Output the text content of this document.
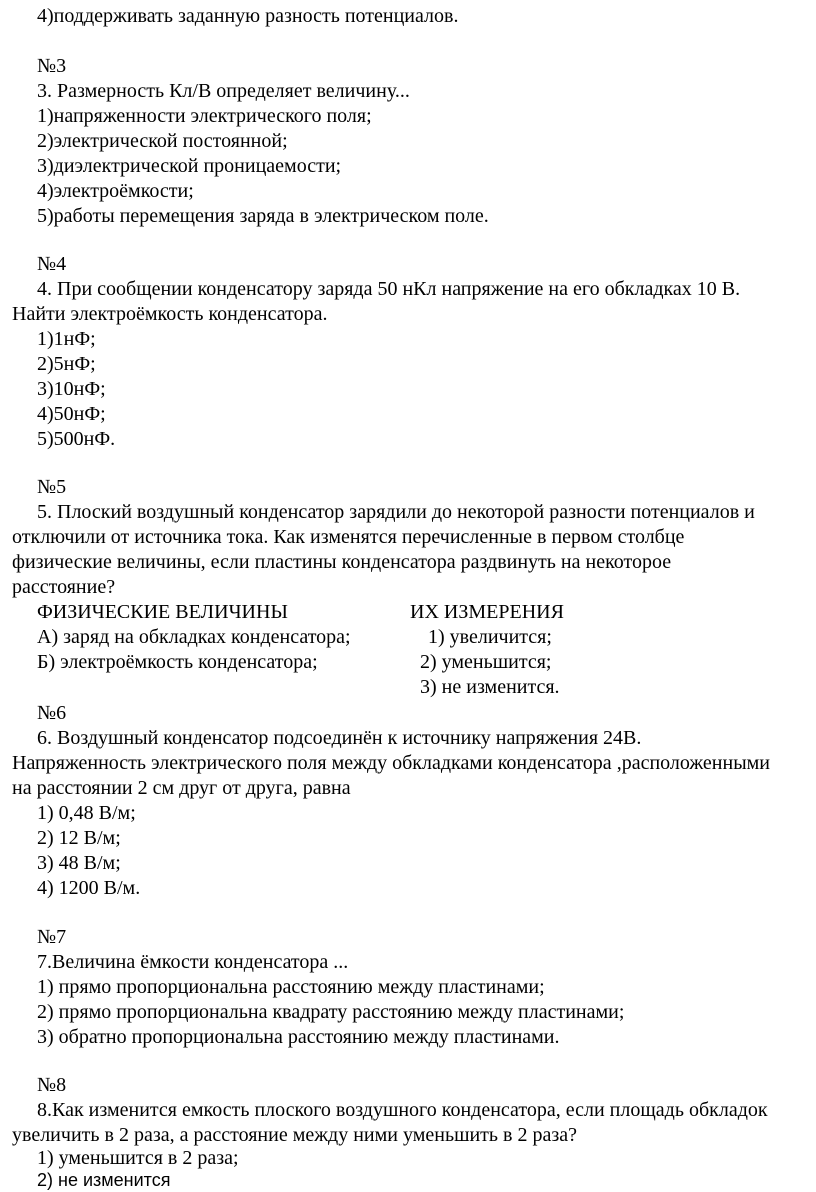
4)поддерживать заданную разность потенциалов.
№3
3. Размерность Кл/В определяет величину...
1)напряженности электрического поля;
2)электрической постоянной;
3)диэлектрической проницаемости;
4)электроёмкости;
5)работы перемещения заряда в электрическом поле.
№4
4. При сообщении конденсатору заряда 50 нКл напряжение на его обкладках 10 В.
Найти электроёмкость конденсатора.
1)1нФ;
2)5нФ;
3)10нФ;
4)50нФ;
5)500нФ.
№5
5. Плоский воздушный конденсатор зарядили до некоторой разности потенциалов и
отключили от источника тока. Как изменятся перечисленные в первом столбце
физические величины, если пластины конденсатора раздвинуть на некоторое
расстояние?
ФИЗИЧЕСКИЕ ВЕЛИЧИНЫ	ИХ ИЗМЕРЕНИЯ
А) заряд на обкладках конденсатора;	1) увеличится;
Б) электроёмкость конденсатора;	2) уменьшится;
3) не изменится.
№6
6. Воздушный конденсатор подсоединён к источнику напряжения 24В.
Напряженность электрического поля между обкладками конденсатора ,расположенными
на расстоянии 2 см друг от друга, равна
1) 0,48 В/м;
2) 12 В/м;
3) 48 В/м;
4) 1200 В/м.
№7
7.Величина ёмкости конденсатора ...
1) прямо пропорциональна расстоянию между пластинами;
2) прямо пропорциональна квадрату расстоянию между пластинами;
3) обратно пропорциональна расстоянию между пластинами.
№8
8.Как изменится емкость плоского воздушного конденсатора, если площадь обкладок
увеличить в 2 раза, а расстояние между ними уменьшить в 2 раза?
1) уменьшится в 2 раза;
2) не изменится
